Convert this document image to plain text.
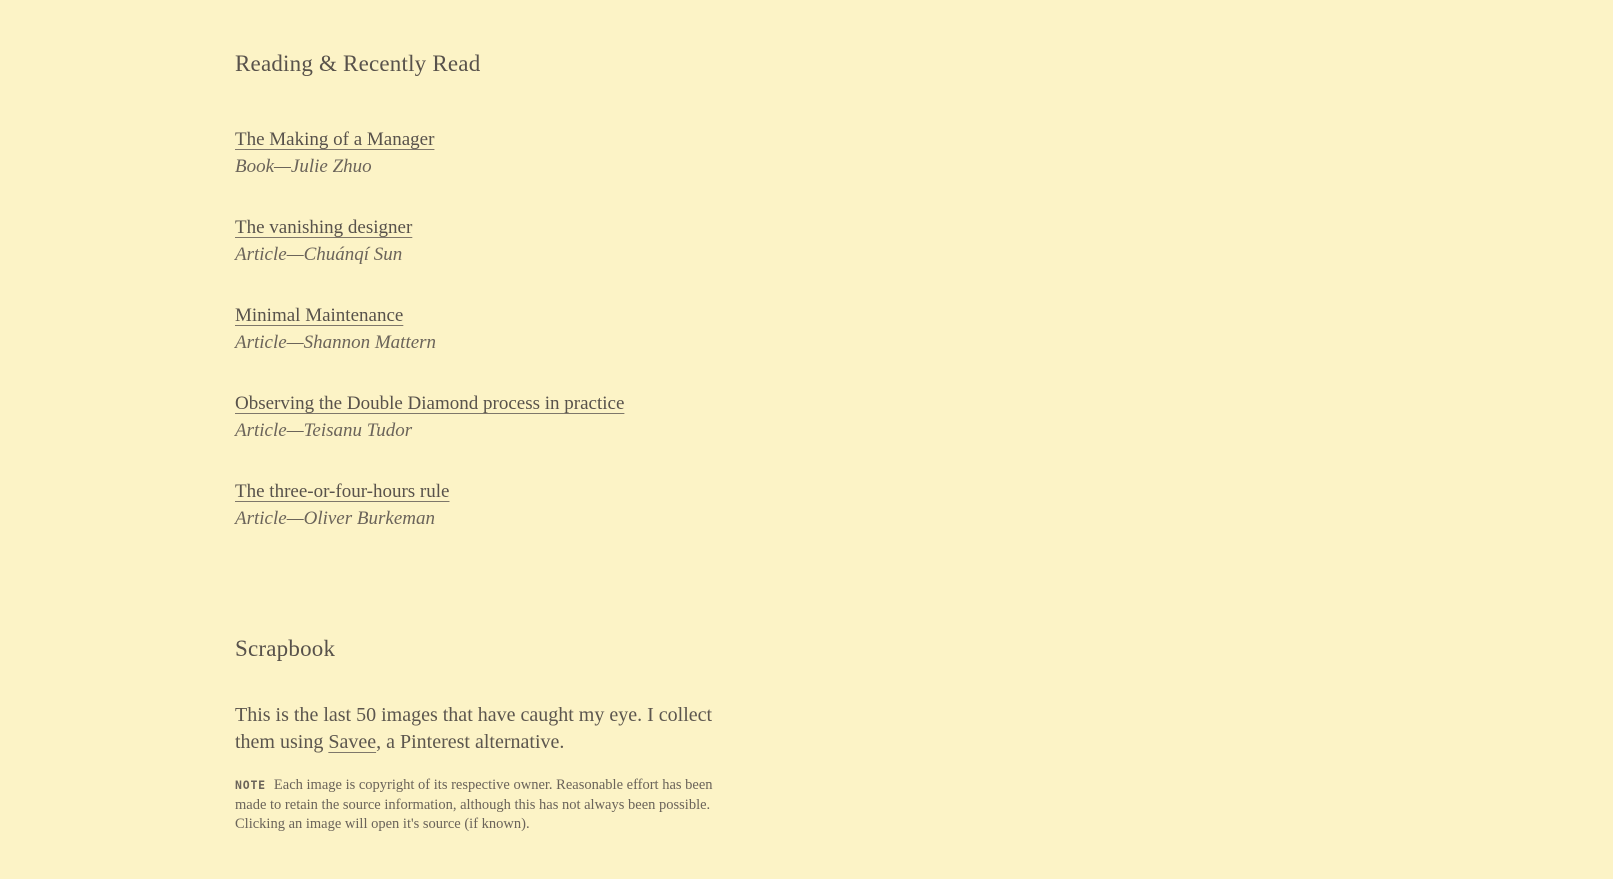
Reading & Recently Read
The Making of a Manager
Book—Julie Zhuo
The vanishing designer
Article—Chuánqí Sun
Minimal Maintenance
Article—Shannon Mattern
Observing the Double Diamond process in practice
Article—Teisanu Tudor
The three-or-four-hours rule
Article—Oliver Burkeman
Scrapbook

This is the last 50 images that have caught my eye. I collect them using Savee, a Pinterest alternative.

NOTE Each image is copyright of its respective owner. Reasonable effort has been made to retain the source information, although this has not always been possible. Clicking an image will open it's source (if known).
